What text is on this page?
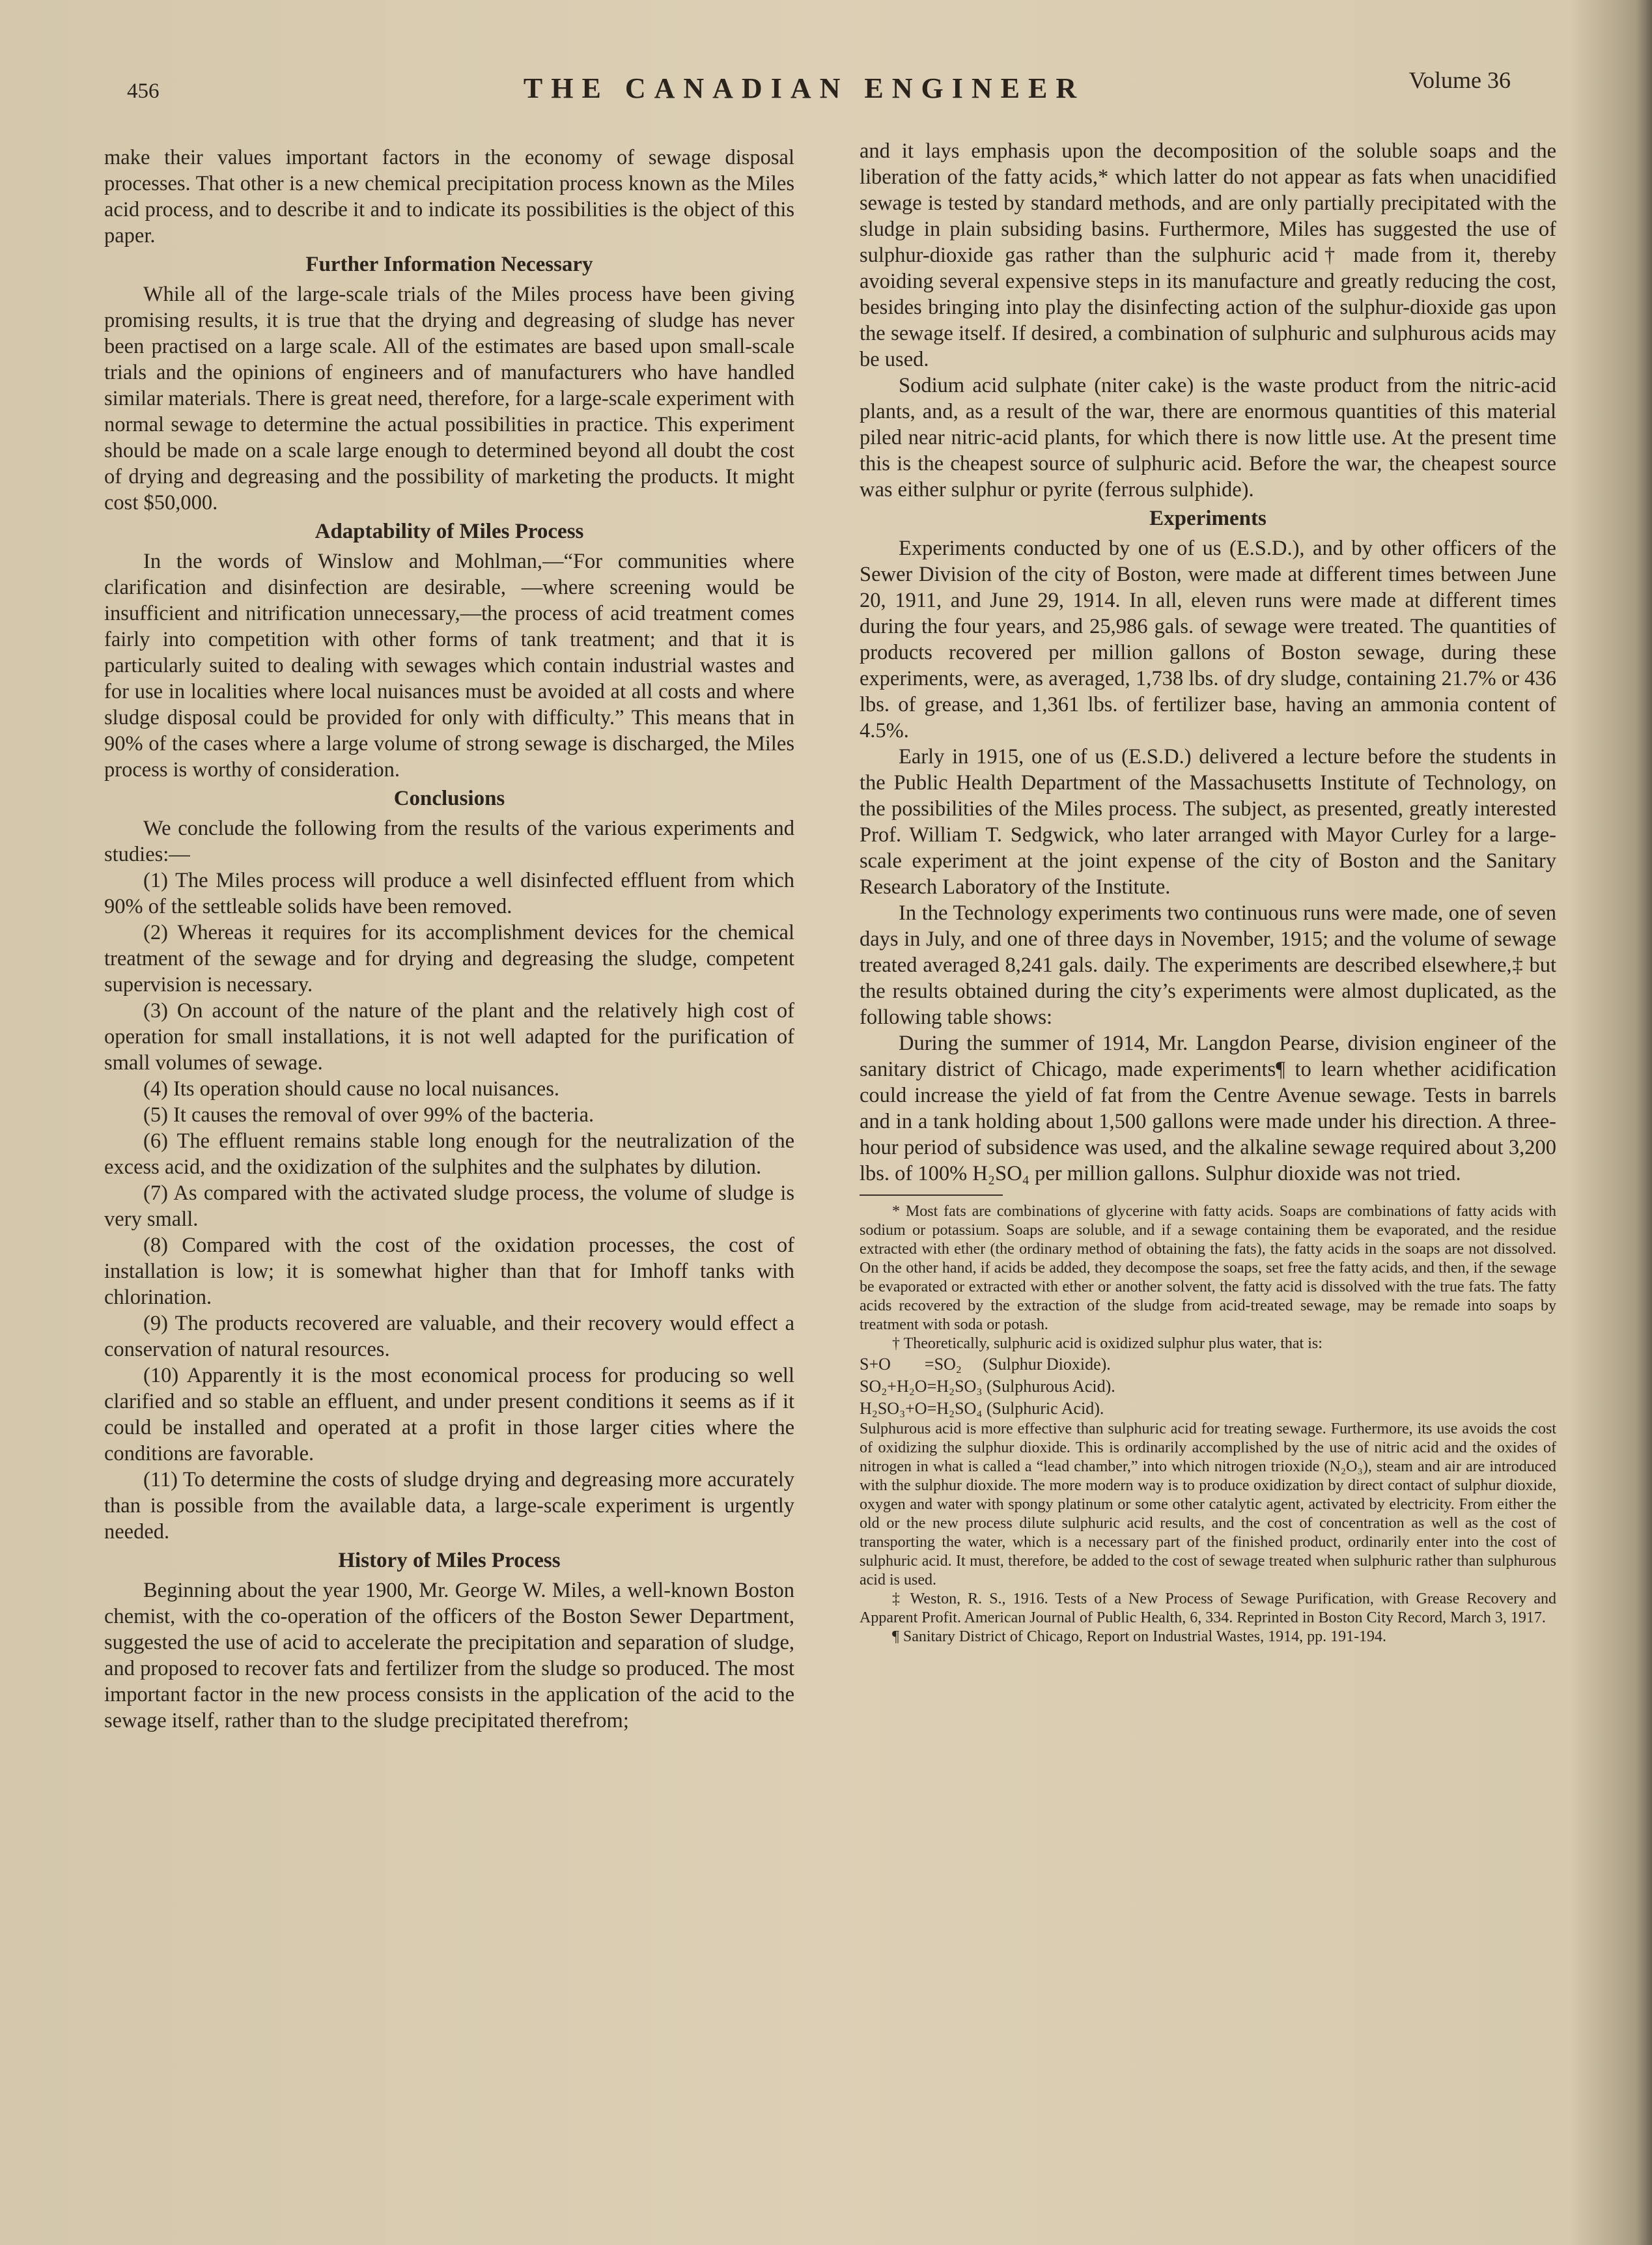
456	THE CANADIAN ENGINEER	Volume 36

make their values important factors in the economy of sewage disposal processes. That other is a new chemical precipitation process known as the Miles acid process, and to describe it and to indicate its possibilities is the object of this paper.

Further Information Necessary

While all of the large-scale trials of the Miles process have been giving promising results, it is true that the drying and degreasing of sludge has never been practised on a large scale. All of the estimates are based upon small-scale trials and the opinions of engineers and of manufacturers who have handled similar materials. There is great need, therefore, for a large-scale experiment with normal sewage to determine the actual possibilities in practice. This experiment should be made on a scale large enough to determined beyond all doubt the cost of drying and degreasing and the possibility of marketing the products. It might cost $50,000.

Adaptability of Miles Process

In the words of Winslow and Mohlman,—“For communities where clarification and disinfection are desirable, —where screening would be insufficient and nitrification unnecessary,—the process of acid treatment comes fairly into competition with other forms of tank treatment; and that it is particularly suited to dealing with sewages which contain industrial wastes and for use in localities where local nuisances must be avoided at all costs and where sludge disposal could be provided for only with difficulty.” This means that in 90% of the cases where a large volume of strong sewage is discharged, the Miles process is worthy of consideration.

Conclusions

We conclude the following from the results of the various experiments and studies:—

(1) The Miles process will produce a well disinfected effluent from which 90% of the settleable solids have been removed.

(2) Whereas it requires for its accomplishment devices for the chemical treatment of the sewage and for drying and degreasing the sludge, competent supervision is necessary.

(3) On account of the nature of the plant and the relatively high cost of operation for small installations, it is not well adapted for the purification of small volumes of sewage.

(4) Its operation should cause no local nuisances.

(5) It causes the removal of over 99% of the bacteria.

(6) The effluent remains stable long enough for the neutralization of the excess acid, and the oxidization of the sulphites and the sulphates by dilution.

(7) As compared with the activated sludge process, the volume of sludge is very small.

(8) Compared with the cost of the oxidation processes, the cost of installation is low; it is somewhat higher than that for Imhoff tanks with chlorination.

(9) The products recovered are valuable, and their recovery would effect a conservation of natural resources.

(10) Apparently it is the most economical process for producing so well clarified and so stable an effluent, and under present conditions it seems as if it could be installed and operated at a profit in those larger cities where the conditions are favorable.

(11) To determine the costs of sludge drying and degreasing more accurately than is possible from the available data, a large-scale experiment is urgently needed.

History of Miles Process

Beginning about the year 1900, Mr. George W. Miles, a well-known Boston chemist, with the co-operation of the officers of the Boston Sewer Department, suggested the use of acid to accelerate the precipitation and separation of sludge, and proposed to recover fats and fertilizer from the sludge so produced. The most important factor in the new process consists in the application of the acid to the sewage itself, rather than to the sludge precipitated therefrom;

and it lays emphasis upon the decomposition of the soluble soaps and the liberation of the fatty acids,* which latter do not appear as fats when unacidified sewage is tested by standard methods, and are only partially precipitated with the sludge in plain subsiding basins. Furthermore, Miles has suggested the use of sulphur-dioxide gas rather than the sulphuric acid† made from it, thereby avoiding several expensive steps in its manufacture and greatly reducing the cost, besides bringing into play the disinfecting action of the sulphur-dioxide gas upon the sewage itself. If desired, a combination of sulphuric and sulphurous acids may be used.

Sodium acid sulphate (niter cake) is the waste product from the nitric-acid plants, and, as a result of the war, there are enormous quantities of this material piled near nitric-acid plants, for which there is now little use. At the present time this is the cheapest source of sulphuric acid. Before the war, the cheapest source was either sulphur or pyrite (ferrous sulphide).

Experiments

Experiments conducted by one of us (E.S.D.), and by other officers of the Sewer Division of the city of Boston, were made at different times between June 20, 1911, and June 29, 1914. In all, eleven runs were made at different times during the four years, and 25,986 gals. of sewage were treated. The quantities of products recovered per million gallons of Boston sewage, during these experiments, were, as averaged, 1,738 lbs. of dry sludge, containing 21.7% or 436 lbs. of grease, and 1,361 lbs. of fertilizer base, having an ammonia content of 4.5%.

Early in 1915, one of us (E.S.D.) delivered a lecture before the students in the Public Health Department of the Massachusetts Institute of Technology, on the possibilities of the Miles process. The subject, as presented, greatly interested Prof. William T. Sedgwick, who later arranged with Mayor Curley for a large-scale experiment at the joint expense of the city of Boston and the Sanitary Research Laboratory of the Institute.

In the Technology experiments two continuous runs were made, one of seven days in July, and one of three days in November, 1915; and the volume of sewage treated averaged 8,241 gals. daily. The experiments are described elsewhere,‡ but the results obtained during the city’s experiments were almost duplicated, as the following table shows:

During the summer of 1914, Mr. Langdon Pearse, division engineer of the sanitary district of Chicago, made experiments¶ to learn whether acidification could increase the yield of fat from the Centre Avenue sewage. Tests in barrels and in a tank holding about 1,500 gallons were made under his direction. A three-hour period of subsidence was used, and the alkaline sewage required about 3,200 lbs. of 100% H₂SO₄ per million gallons. Sulphur dioxide was not tried.

* Most fats are combinations of glycerine with fatty acids. Soaps are combinations of fatty acids with sodium or potassium. Soaps are soluble, and if a sewage containing them be evaporated, and the residue extracted with ether (the ordinary method of obtaining the fats), the fatty acids in the soaps are not dissolved. On the other hand, if acids be added, they decompose the soaps, set free the fatty acids, and then, if the sewage be evaporated or extracted with ether or another solvent, the fatty acid is dissolved with the true fats. The fatty acids recovered by the extraction of the sludge from acid-treated sewage, may be remade into soaps by treatment with soda or potash.

† Theoretically, sulphuric acid is oxidized sulphur plus water, that is:

S+O  =SO₂  (Sulphur Dioxide).

SO₂+H₂O=H₂SO₃ (Sulphurous Acid).

H₂SO₃+O=H₂SO₄ (Sulphuric Acid).

Sulphurous acid is more effective than sulphuric acid for treating sewage. Furthermore, its use avoids the cost of oxidizing the sulphur dioxide. This is ordinarily accomplished by the use of nitric acid and the oxides of nitrogen in what is called a “lead chamber,” into which nitrogen trioxide (N₂O₃), steam and air are introduced with the sulphur dioxide. The more modern way is to produce oxidization by direct contact of sulphur dioxide, oxygen and water with spongy platinum or some other catalytic agent, activated by electricity. From either the old or the new process dilute sulphuric acid results, and the cost of concentration as well as the cost of transporting the water, which is a necessary part of the finished product, ordinarily enter into the cost of sulphuric acid. It must, therefore, be added to the cost of sewage treated when sulphuric rather than sulphurous acid is used.

‡ Weston, R. S., 1916. Tests of a New Process of Sewage Purification, with Grease Recovery and Apparent Profit. American Journal of Public Health, 6, 334. Reprinted in Boston City Record, March 3, 1917.

¶ Sanitary District of Chicago, Report on Industrial Wastes, 1914, pp. 191-194.
